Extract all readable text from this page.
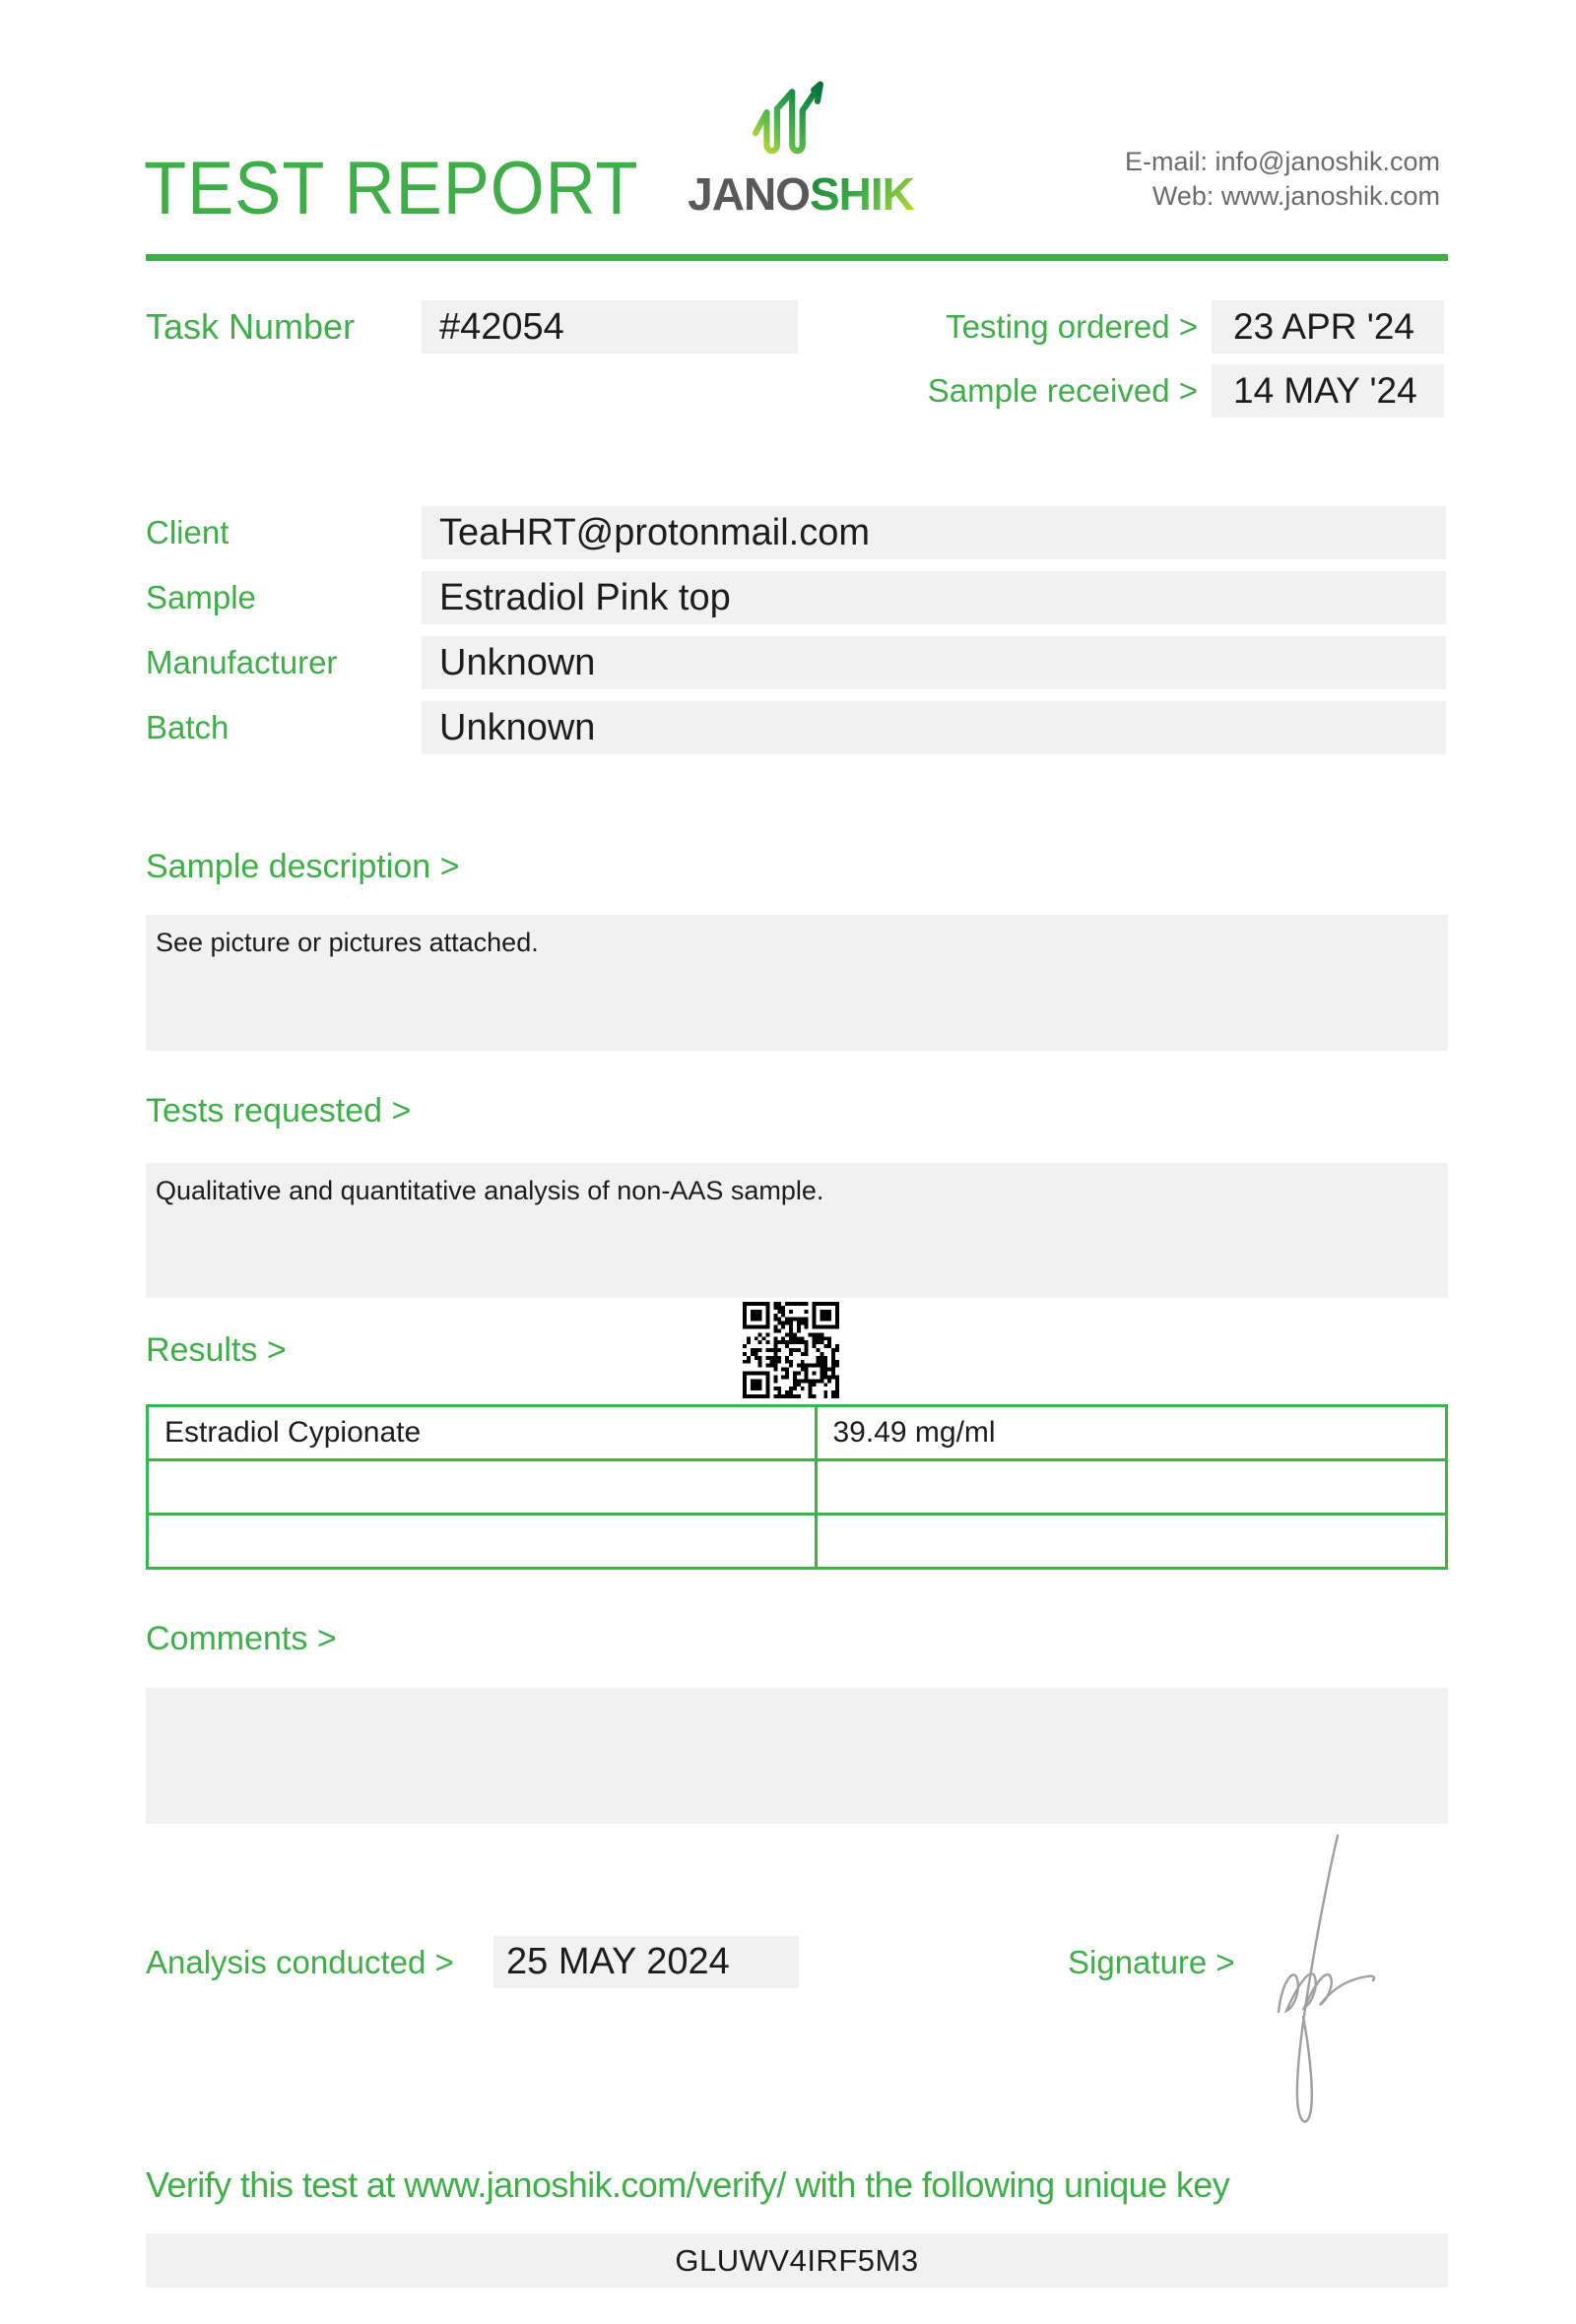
TEST REPORT JANOSHIK
E-mail: info@janoshik.com
Web: www.janoshik.com
Task Number	#42054	Testing ordered > 23 APR '24
Sample received > 14 MAY '24
Client	TeaHRT@protonmail.com
Sample	Estradiol Pink top
Manufacturer	Unknown
Batch	Unknown
Sample description >
See picture or pictures attached.
Tests requested >
Qualitative and quantitative analysis of non-AAS sample.
Results >
Estradiol Cypionate	39.49 mg/ml

Comments >
Analysis conducted >	25 MAY 2024	Signature >
Verify this test at www.janoshik.com/verify/ with the following unique key
GLUWV4IRF5M3
